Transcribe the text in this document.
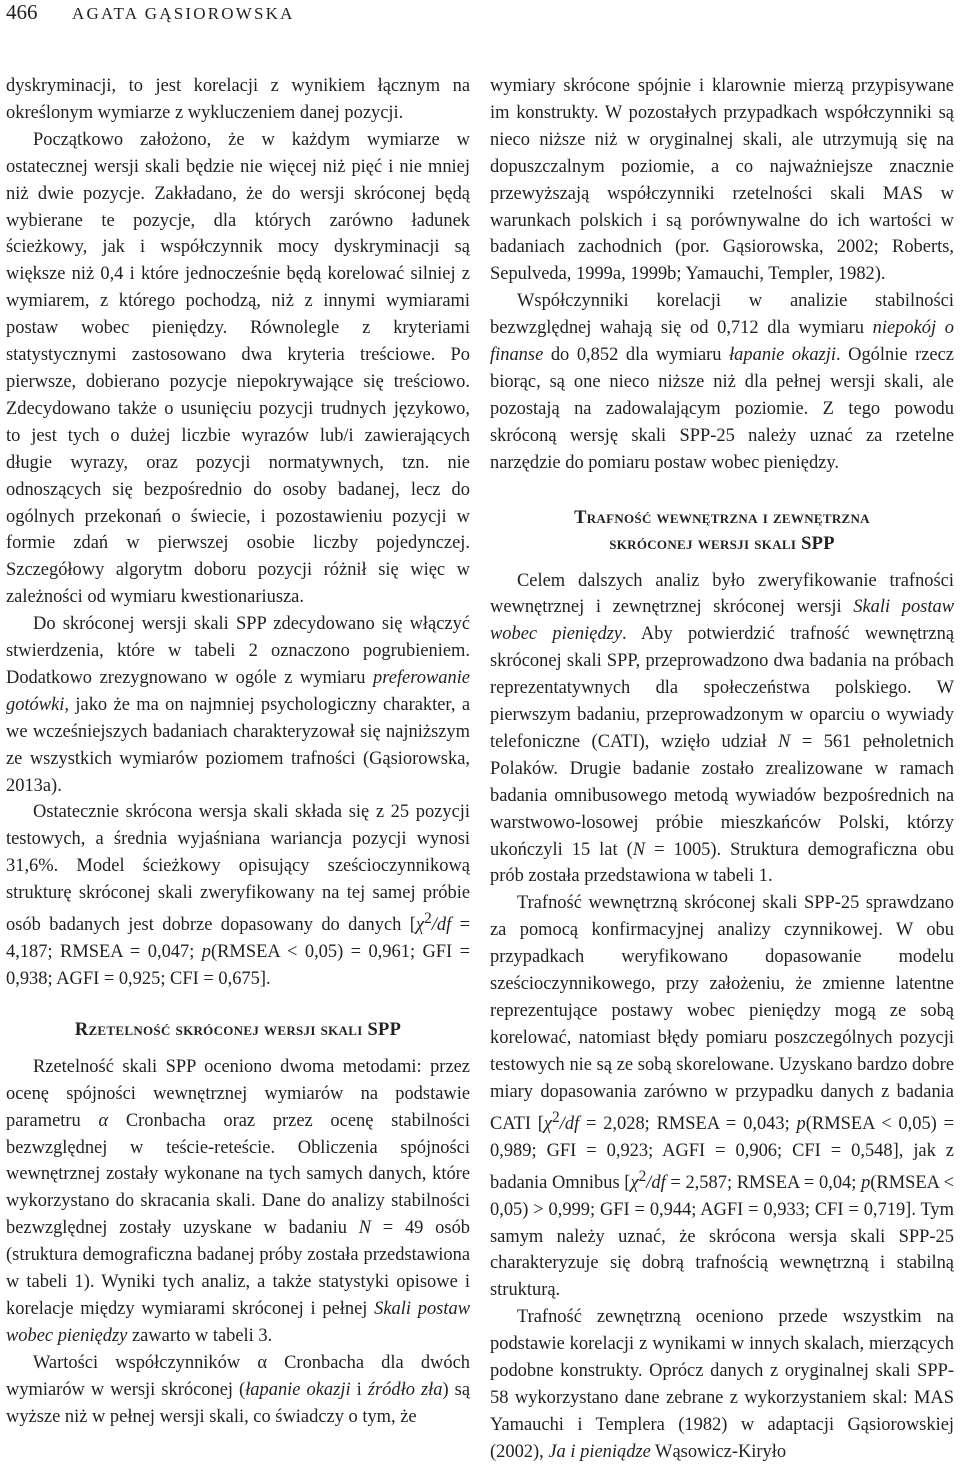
466 AGATA GĄSIOROWSKA

dyskryminacji, to jest korelacji z wynikiem łącznym na określonym wymiarze z wykluczeniem danej pozycji.

Początkowo założono, że w każdym wymiarze w ostatecznej wersji skali będzie nie więcej niż pięć i nie mniej niż dwie pozycje. Zakładano, że do wersji skróconej będą wybierane te pozycje, dla których zarówno ładunek ścieżkowy, jak i współczynnik mocy dyskryminacji są większe niż 0,4 i które jednocześnie będą korelować silniej z wymiarem, z którego pochodzą, niż z innymi wymiarami postaw wobec pieniędzy. Równolegle z kryteriami statystycznymi zastosowano dwa kryteria treściowe. Po pierwsze, dobierano pozycje niepokrywające się treściowo. Zdecydowano także o usunięciu pozycji trudnych językowo, to jest tych o dużej liczbie wyrazów lub/i zawierających długie wyrazy, oraz pozycji normatywnych, tzn. nie odnoszących się bezpośrednio do osoby badanej, lecz do ogólnych przekonań o świecie, i pozostawieniu pozycji w formie zdań w pierwszej osobie liczby pojedynczej. Szczegółowy algorytm doboru pozycji różnił się więc w zależności od wymiaru kwestionariusza.

Do skróconej wersji skali SPP zdecydowano się włączyć stwierdzenia, które w tabeli 2 oznaczono pogrubieniem. Dodatkowo zrezygnowano w ogóle z wymiaru preferowanie gotówki, jako że ma on najmniej psychologiczny charakter, a we wcześniejszych badaniach charakteryzował się najniższym ze wszystkich wymiarów poziomem trafności (Gąsiorowska, 2013a).

Ostatecznie skrócona wersja skali składa się z 25 pozycji testowych, a średnia wyjaśniana wariancja pozycji wynosi 31,6%. Model ścieżkowy opisujący sześcioczynnikową strukturę skróconej skali zweryfikowany na tej samej próbie osób badanych jest dobrze dopasowany do danych [$\chi^2/df = 4,187$; RMSEA = 0,047; p(RMSEA < 0,05) = 0,961; GFI = 0,938; AGFI = 0,925; CFI = 0,675].

Rzetelność skróconej wersji skali SPP

Rzetelność skali SPP oceniono dwoma metodami: przez ocenę spójności wewnętrznej wymiarów na podstawie parametru α Cronbacha oraz przez ocenę stabilności bezwzględnej w teście-reteście. Obliczenia spójności wewnętrznej zostały wykonane na tych samych danych, które wykorzystano do skracania skali. Dane do analizy stabilności bezwzględnej zostały uzyskane w badaniu N = 49 osób (struktura demograficzna badanej próby została przedstawiona w tabeli 1). Wyniki tych analiz, a także statystyki opisowe i korelacje między wymiarami skróconej i pełnej Skali postaw wobec pieniędzy zawarto w tabeli 3.

Wartości współczynników α Cronbacha dla dwóch wymiarów w wersji skróconej (łapanie okazji i źródło zła) są wyższe niż w pełnej wersji skali, co świadczy o tym, że

wymiary skrócone spójnie i klarownie mierzą przypisywane im konstrukty. W pozostałych przypadkach współczynniki są nieco niższe niż w oryginalnej skali, ale utrzymują się na dopuszczalnym poziomie, a co najważniejsze znacznie przewyższają współczynniki rzetelności skali MAS w warunkach polskich i są porównywalne do ich wartości w badaniach zachodnich (por. Gąsiorowska, 2002; Roberts, Sepulveda, 1999a, 1999b; Yamauchi, Templer, 1982).

Współczynniki korelacji w analizie stabilności bezwzględnej wahają się od 0,712 dla wymiaru niepokój o finanse do 0,852 dla wymiaru łapanie okazji. Ogólnie rzecz biorąc, są one nieco niższe niż dla pełnej wersji skali, ale pozostają na zadowalającym poziomie. Z tego powodu skróconą wersję skali SPP-25 należy uznać za rzetelne narzędzie do pomiaru postaw wobec pieniędzy.

Trafność wewnętrzna i zewnętrzna
skróconej wersji skali SPP

Celem dalszych analiz było zweryfikowanie trafności wewnętrznej i zewnętrznej skróconej wersji Skali postaw wobec pieniędzy. Aby potwierdzić trafność wewnętrzną skróconej skali SPP, przeprowadzono dwa badania na próbach reprezentatywnych dla społeczeństwa polskiego. W pierwszym badaniu, przeprowadzonym w oparciu o wywiady telefoniczne (CATI), wzięło udział N = 561 pełnoletnich Polaków. Drugie badanie zostało zrealizowane w ramach badania omnibusowego metodą wywiadów bezpośrednich na warstwowo-losowej próbie mieszkańców Polski, którzy ukończyli 15 lat (N = 1005). Struktura demograficzna obu prób została przedstawiona w tabeli 1.

Trafność wewnętrzną skróconej skali SPP-25 sprawdzano za pomocą konfirmacyjnej analizy czynnikowej. W obu przypadkach weryfikowano dopasowanie modelu sześcioczynnikowego, przy założeniu, że zmienne latentne reprezentujące postawy wobec pieniędzy mogą ze sobą korelować, natomiast błędy pomiaru poszczególnych pozycji testowych nie są ze sobą skorelowane. Uzyskano bardzo dobre miary dopasowania zarówno w przypadku danych z badania CATI [$\chi^2/df = 2,028$; RMSEA = 0,043; p(RMSEA < 0,05) = 0,989; GFI = 0,923; AGFI = 0,906; CFI = 0,548], jak z badania Omnibus [$\chi^2/df = 2,587$; RMSEA = 0,04; p(RMSEA < 0,05) > 0,999; GFI = 0,944; AGFI = 0,933; CFI = 0,719]. Tym samym należy uznać, że skrócona wersja skali SPP-25 charakteryzuje się dobrą trafnością wewnętrzną i stabilną strukturą.

Trafność zewnętrzną oceniono przede wszystkim na podstawie korelacji z wynikami w innych skalach, mierzących podobne konstrukty. Oprócz danych z oryginalnej skali SPP-58 wykorzystano dane zebrane z wykorzystaniem skal: MAS Yamauchi i Templera (1982) w adaptacji Gąsiorowskiej (2002), Ja i pieniądze Wąsowicz-Kiryło
